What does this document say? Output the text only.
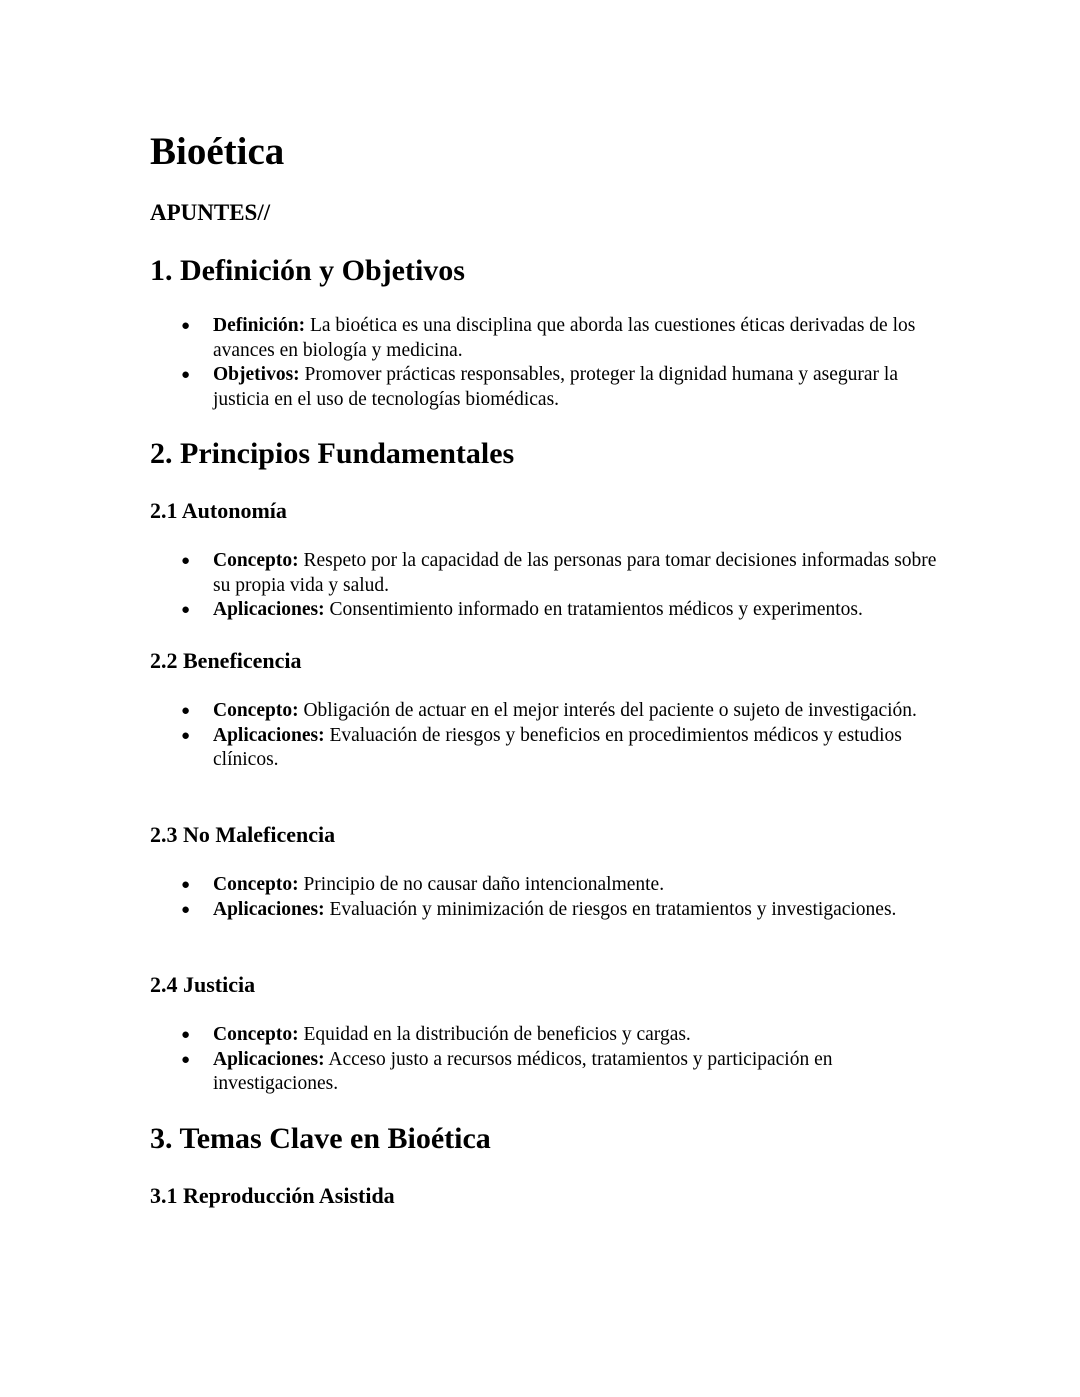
Bioética
APUNTES//
1. Definición y Objetivos
● Definición: La bioética es una disciplina que aborda las cuestiones éticas derivadas de los avances en biología y medicina.
● Objetivos: Promover prácticas responsables, proteger la dignidad humana y asegurar la justicia en el uso de tecnologías biomédicas.
2. Principios Fundamentales
2.1 Autonomía
● Concepto: Respeto por la capacidad de las personas para tomar decisiones informadas sobre su propia vida y salud.
● Aplicaciones: Consentimiento informado en tratamientos médicos y experimentos.
2.2 Beneficencia
● Concepto: Obligación de actuar en el mejor interés del paciente o sujeto de investigación.
● Aplicaciones: Evaluación de riesgos y beneficios en procedimientos médicos y estudios clínicos.
2.3 No Maleficencia
● Concepto: Principio de no causar daño intencionalmente.
● Aplicaciones: Evaluación y minimización de riesgos en tratamientos y investigaciones.
2.4 Justicia
● Concepto: Equidad en la distribución de beneficios y cargas.
● Aplicaciones: Acceso justo a recursos médicos, tratamientos y participación en investigaciones.
3. Temas Clave en Bioética
3.1 Reproducción Asistida
